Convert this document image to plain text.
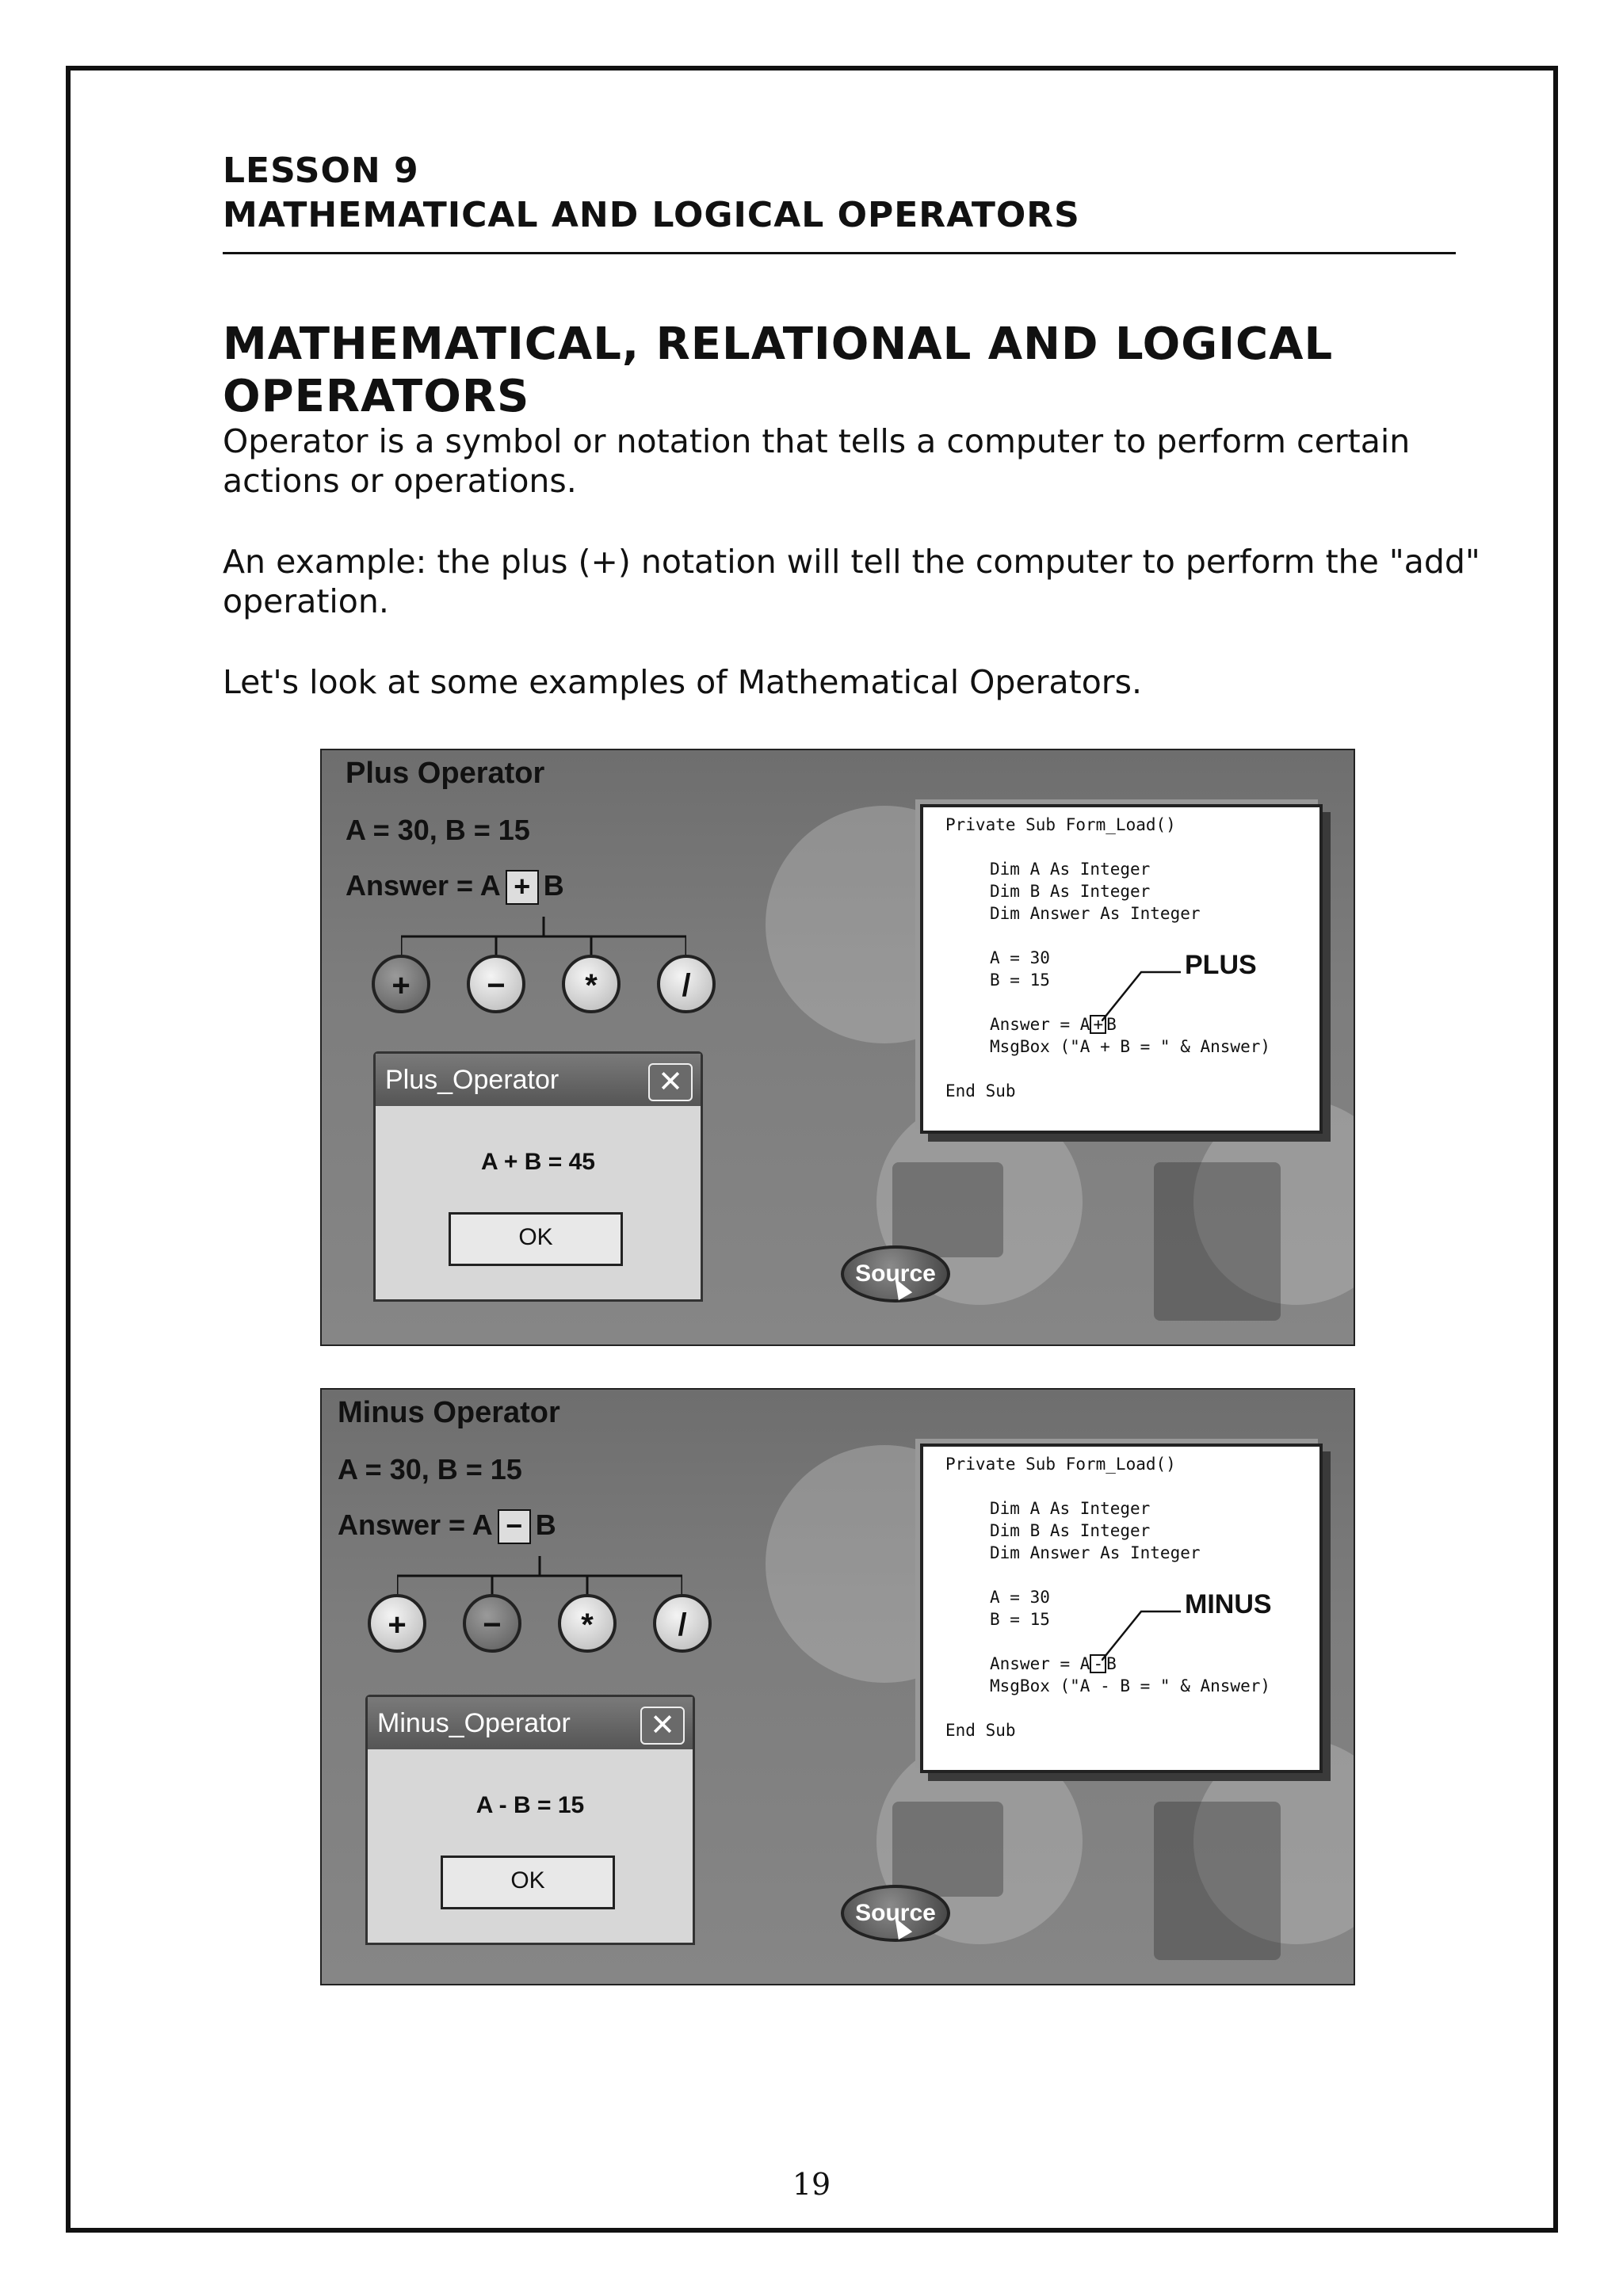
LESSON 9
MATHEMATICAL AND LOGICAL OPERATORS
MATHEMATICAL, RELATIONAL AND LOGICAL OPERATORS
Operator is a symbol or notation that tells a computer to perform certain actions or operations.
An example: the plus (+) notation will tell the computer to perform the "add" operation.
Let's look at some examples of Mathematical Operators.
Plus Operator
A = 30, B = 15
Answer = A + B
+	−	*	/
Plus_Operator	✕
A + B = 45
OK
Private Sub Form_Load()
Dim A As Integer
Dim B As Integer
Dim Answer As Integer
A = 30
B = 15
Answer = A + B
MsgBox ("A + B = " & Answer)
End Sub
PLUS
Source
Minus Operator
A = 30, B = 15
Answer = A − B
+	−	*	/
Minus_Operator	✕
A - B = 15
OK
Private Sub Form_Load()
Dim A As Integer
Dim B As Integer
Dim Answer As Integer
A = 30
B = 15
Answer = A - B
MsgBox ("A - B = " & Answer)
End Sub
MINUS
Source
19
